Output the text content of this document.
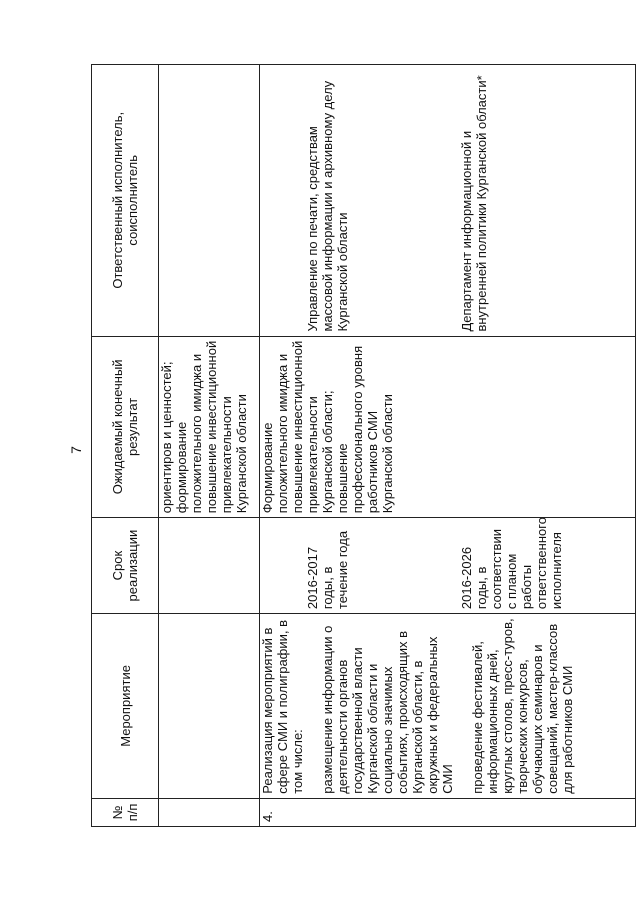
7
№ п/п	Мероприятие	Срок реализации	Ожидаемый конечный результат	Ответственный исполнитель, соисполнитель
			ориентиров и ценностей; формирование положительного имиджа и повышение инвестиционной привлекательности Курганской области	
4.	Реализация мероприятий в сфере СМИ и полиграфии, в том числе: размещение информации о деятельности органов государственной власти Курганской области и социально значимых событиях, происходящих в Курганской области, в окружных и федеральных СМИ проведение фестивалей, информационных дней, круглых столов, пресс-туров, творческих конкурсов, обучающих семинаров и совещаний, мастер-классов для работников СМИ	2016-2017 годы, в течение года 2016-2026 годы, в соответствии с планом работы ответственного исполнителя	Формирование положительного имиджа и повышение инвестиционной привлекательности Курганской области; повышение профессионального уровня работников СМИ Курганской области	Управление по печати, средствам массовой информации и архивному делу Курганской области Департамент информационной и внутренней политики Курганской области*
